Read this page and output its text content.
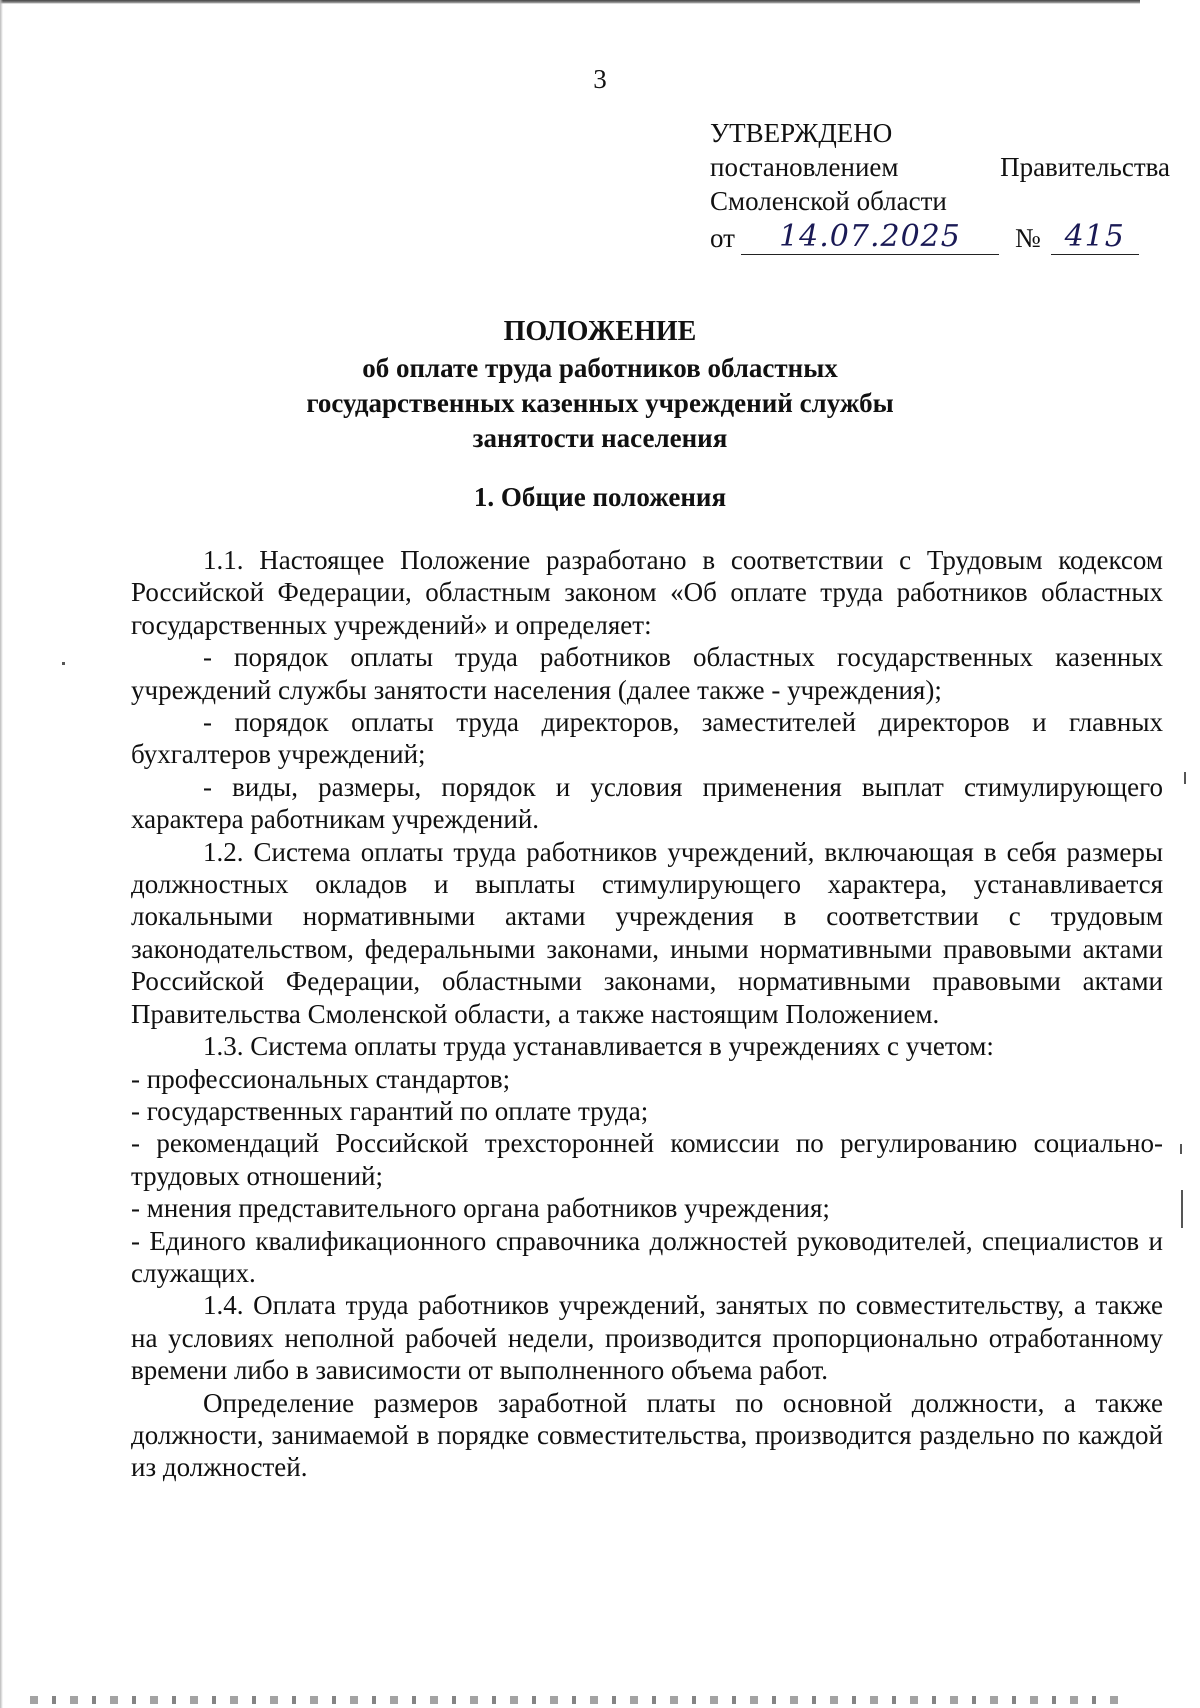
3
УТВЕРЖДЕНО
постановлением	Правительства
Смоленской области
от	14.07.2025	№ 415
ПОЛОЖЕНИЕ
об оплате труда работников областных
государственных казенных учреждений службы
занятости населения
1. Общие положения

1.1. Настоящее Положение разработано в соответствии с Трудовым кодексом Российской Федерации, областным законом «Об оплате труда работников областных государственных учреждений» и определяет:

- порядок оплаты труда работников областных государственных казенных учреждений службы занятости населения (далее также - учреждения);

- порядок оплаты труда директоров, заместителей директоров и главных бухгалтеров учреждений;

- виды, размеры, порядок и условия применения выплат стимулирующего характера работникам учреждений.

1.2. Система оплаты труда работников учреждений, включающая в себя размеры должностных окладов и выплаты стимулирующего характера, устанавливается локальными нормативными актами учреждения в соответствии с трудовым законодательством, федеральными законами, иными нормативными правовыми актами Российской Федерации, областными законами, нормативными правовыми актами Правительства Смоленской области, а также настоящим Положением.

1.3. Система оплаты труда устанавливается в учреждениях с учетом:

- профессиональных стандартов;

- государственных гарантий по оплате труда;

- рекомендаций Российской трехсторонней комиссии по регулированию социально-трудовых отношений;

- мнения представительного органа работников учреждения;

- Единого квалификационного справочника должностей руководителей, специалистов и служащих.

1.4. Оплата труда работников учреждений, занятых по совместительству, а также на условиях неполной рабочей недели, производится пропорционально отработанному времени либо в зависимости от выполненного объема работ.

Определение размеров заработной платы по основной должности, а также должности, занимаемой в порядке совместительства, производится раздельно по каждой из должностей.
